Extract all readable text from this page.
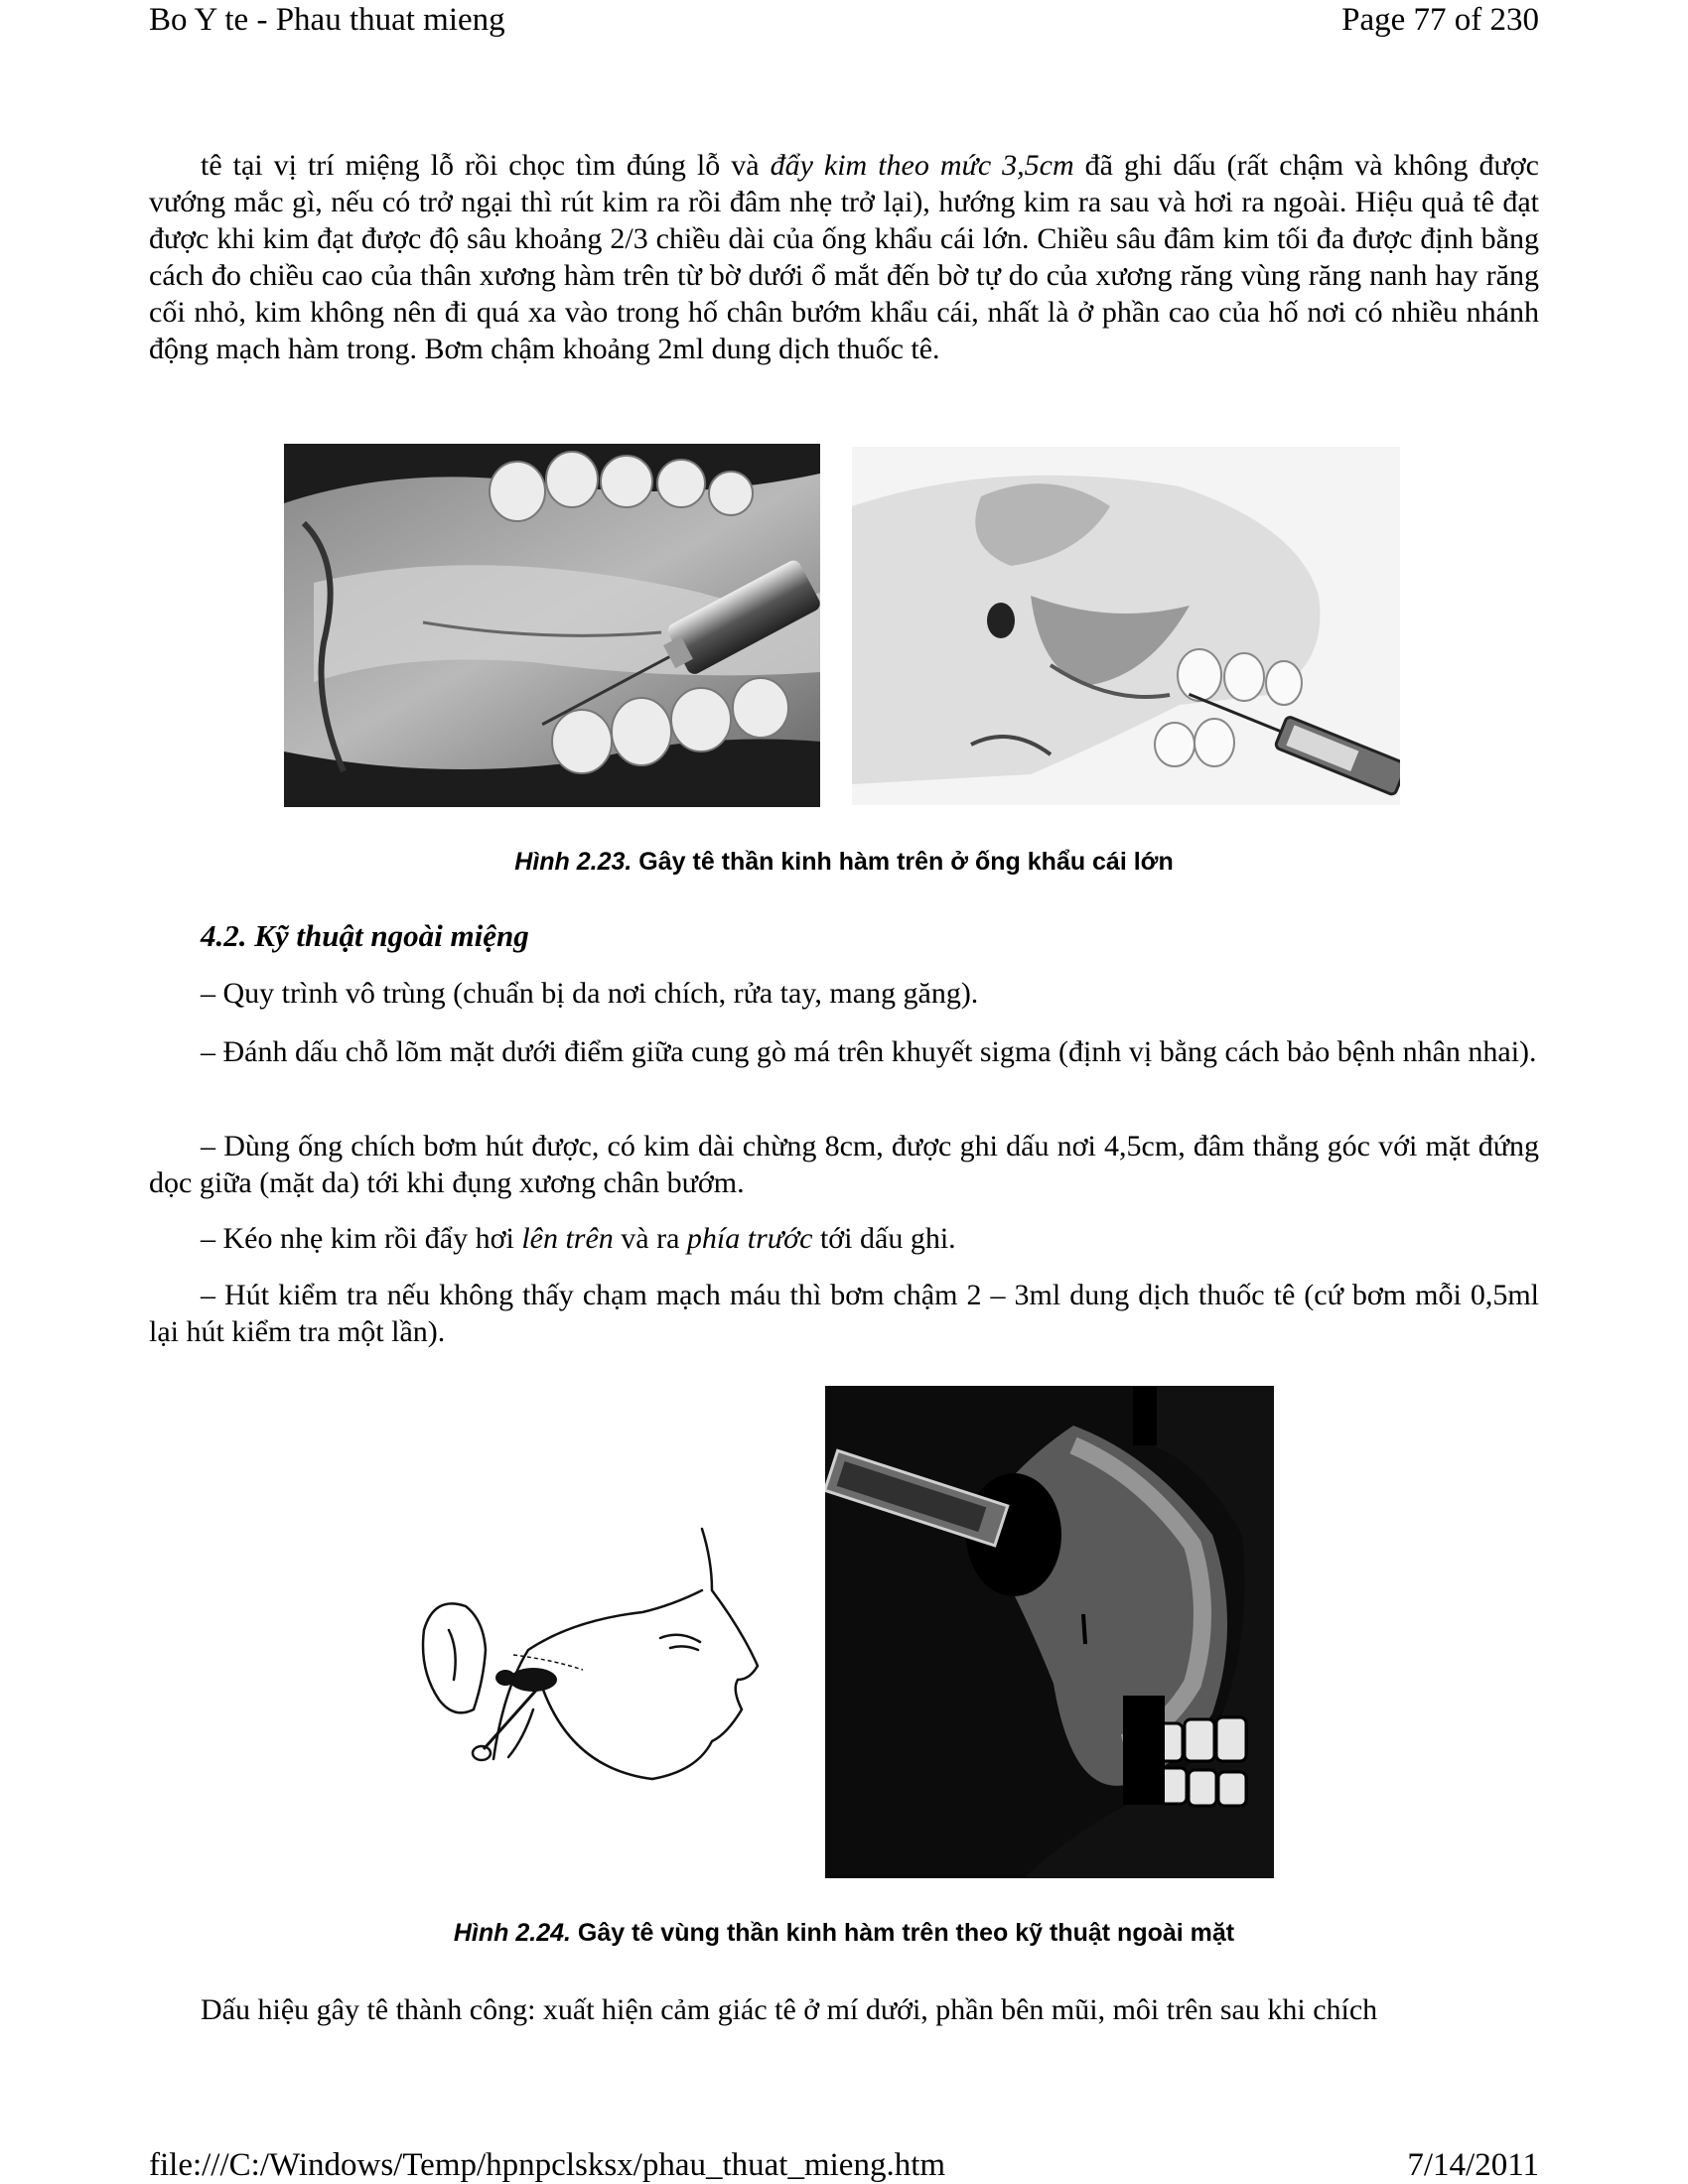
Bo Y te - Phau thuat mieng	Page 77 of 230
tê tại vị trí miệng lỗ rồi chọc tìm đúng lỗ và đẩy kim theo mức 3,5cm đã ghi dấu (rất chậm và không được vướng mắc gì, nếu có trở ngại thì rút kim ra rồi đâm nhẹ trở lại), hướng kim ra sau và hơi ra ngoài. Hiệu quả tê đạt được khi kim đạt được độ sâu khoảng 2/3 chiều dài của ống khẩu cái lớn. Chiều sâu đâm kim tối đa được định bằng cách đo chiều cao của thân xương hàm trên từ bờ dưới ổ mắt đến bờ tự do của xương răng vùng răng nanh hay răng cối nhỏ, kim không nên đi quá xa vào trong hố chân bướm khẩu cái, nhất là ở phần cao của hố nơi có nhiều nhánh động mạch hàm trong. Bơm chậm khoảng 2ml dung dịch thuốc tê.
Hình 2.23. Gây tê thần kinh hàm trên ở ống khẩu cái lớn
4.2. Kỹ thuật ngoài miệng
– Quy trình vô trùng (chuẩn bị da nơi chích, rửa tay, mang găng).
– Đánh dấu chỗ lõm mặt dưới điểm giữa cung gò má trên khuyết sigma (định vị bằng cách bảo bệnh nhân nhai).
– Dùng ống chích bơm hút được, có kim dài chừng 8cm, được ghi dấu nơi 4,5cm, đâm thẳng góc với mặt đứng dọc giữa (mặt da) tới khi đụng xương chân bướm.
– Kéo nhẹ kim rồi đẩy hơi lên trên và ra phía trước tới dấu ghi.
– Hút kiểm tra nếu không thấy chạm mạch máu thì bơm chậm 2 – 3ml dung dịch thuốc tê (cứ bơm mỗi 0,5ml lại hút kiểm tra một lần).
Hình 2.24. Gây tê vùng thần kinh hàm trên theo kỹ thuật ngoài mặt
Dấu hiệu gây tê thành công: xuất hiện cảm giác tê ở mí dưới, phần bên mũi, môi trên sau khi chích
file:///C:/Windows/Temp/hpnpclsksx/phau_thuat_mieng.htm	7/14/2011
